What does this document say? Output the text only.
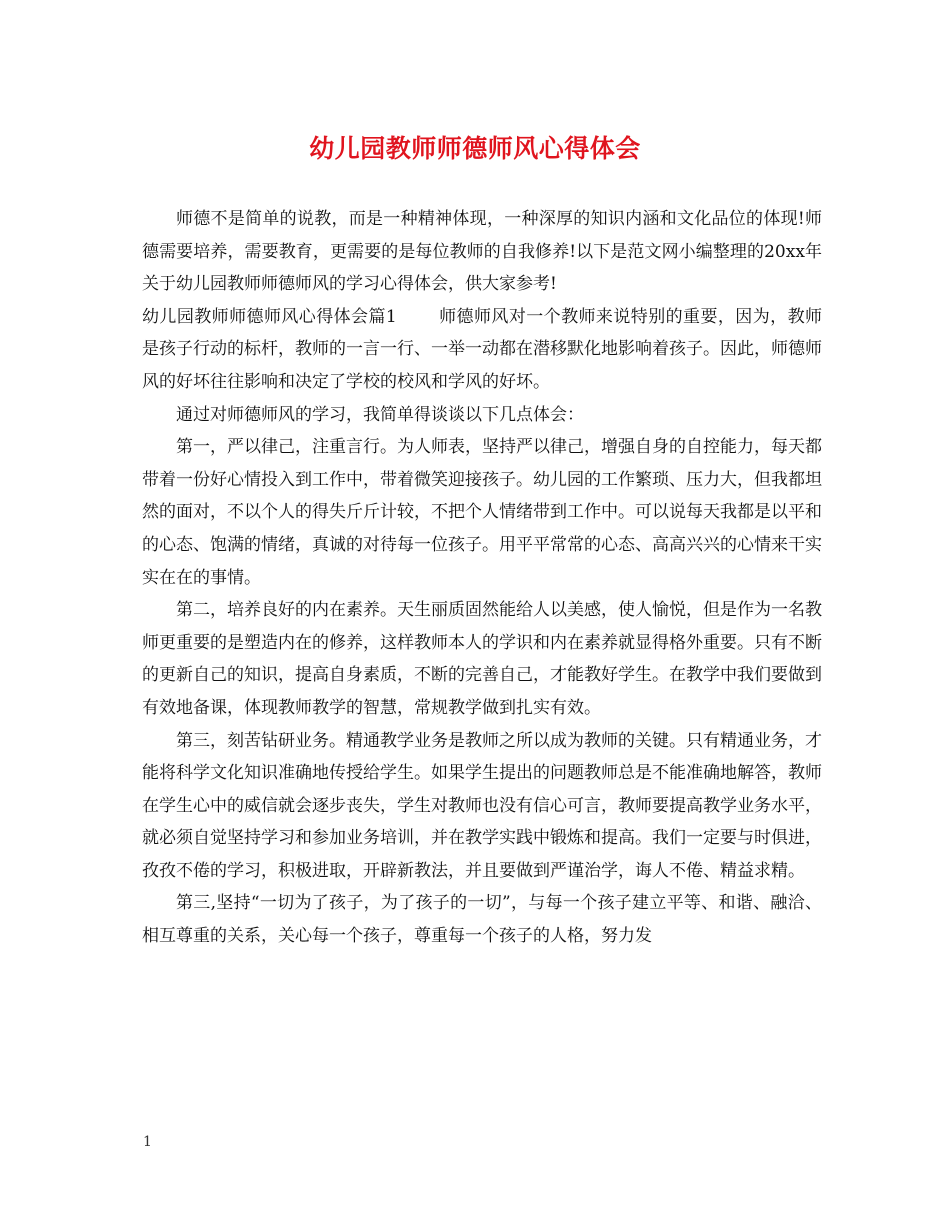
幼儿园教师师德师风心得体会

师德不是简单的说教，而是一种精神体现，一种深厚的知识内涵和文化品位的体现!师德需要培养，需要教育，更需要的是每位教师的自我修养!以下是范文网小编整理的20xx年关于幼儿园教师师德师风的学习心得体会，供大家参考!

幼儿园教师师德师风心得体会篇1 师德师风对一个教师来说特别的重要，因为，教师是孩子行动的标杆，教师的一言一行、一举一动都在潜移默化地影响着孩子。因此，师德师风的好坏往往影响和决定了学校的校风和学风的好坏。

通过对师德师风的学习，我简单得谈谈以下几点体会：

第一，严以律己，注重言行。为人师表，坚持严以律己，增强自身的自控能力，每天都带着一份好心情投入到工作中，带着微笑迎接孩子。幼儿园的工作繁琐、压力大，但我都坦然的面对，不以个人的得失斤斤计较，不把个人情绪带到工作中。可以说每天我都是以平和的心态、饱满的情绪，真诚的对待每一位孩子。用平平常常的心态、高高兴兴的心情来干实实在在的事情。

第二，培养良好的内在素养。天生丽质固然能给人以美感，使人愉悦，但是作为一名教师更重要的是塑造内在的修养，这样教师本人的学识和内在素养就显得格外重要。只有不断的更新自己的知识，提高自身素质，不断的完善自己，才能教好学生。在教学中我们要做到有效地备课，体现教师教学的智慧，常规教学做到扎实有效。

第三，刻苦钻研业务。精通教学业务是教师之所以成为教师的关键。只有精通业务，才能将科学文化知识准确地传授给学生。如果学生提出的问题教师总是不能准确地解答，教师在学生心中的威信就会逐步丧失，学生对教师也没有信心可言，教师要提高教学业务水平，就必须自觉坚持学习和参加业务培训，并在教学实践中锻炼和提高。我们一定要与时俱进，孜孜不倦的学习，积极进取，开辟新教法，并且要做到严谨治学，诲人不倦、精益求精。

第三,坚持“一切为了孩子，为了孩子的一切”，与每一个孩子建立平等、和谐、融洽、相互尊重的关系，关心每一个孩子，尊重每一个孩子的人格，努力发

1
